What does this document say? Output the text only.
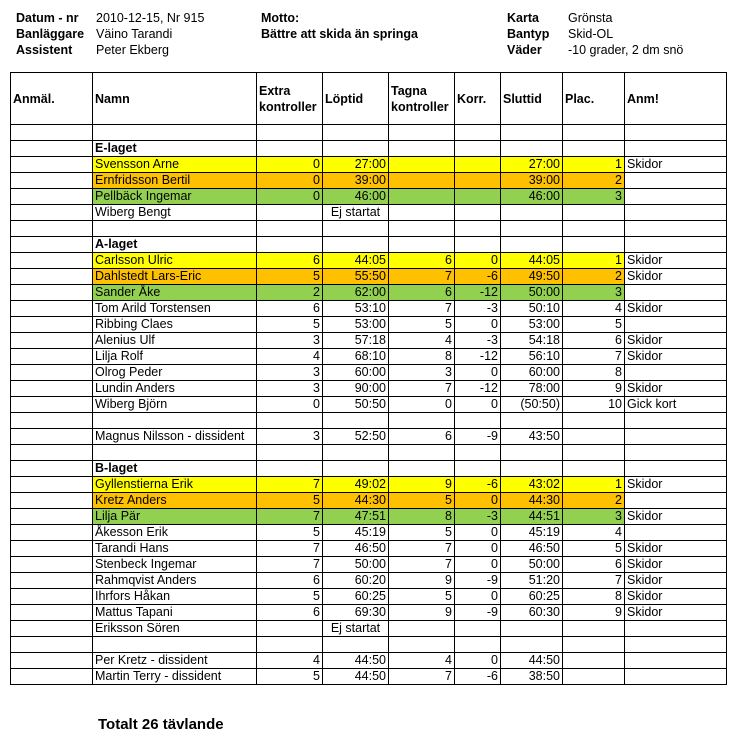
Datum - nr 2010-12-15, Nr 915
Banläggare Väino Tarandi
Assistent Peter Ekberg
Motto:
Bättre att skida än springa
Karta Grönsta
Bantyp Skid-OL
Väder -10 grader, 2 dm snö
Anmäl.	Namn	Extra kontroller	Löptid	Tagna kontroller	Korr.	Sluttid	Plac.	Anm!

	E-laget							
	Svensson Arne	0	27:00			27:00	1	Skidor
	Ernfridsson Bertil	0	39:00			39:00	2	
	Pellbäck Ingemar	0	46:00			46:00	3	
	Wiberg Bengt		Ej startat					

	A-laget							
	Carlsson Ulric	6	44:05	6	0	44:05	1	Skidor
	Dahlstedt Lars-Eric	5	55:50	7	-6	49:50	2	Skidor
	Sander Åke	2	62:00	6	-12	50:00	3	
	Tom Arild Torstensen	6	53:10	7	-3	50:10	4	Skidor
	Ribbing Claes	5	53:00	5	0	53:00	5	
	Alenius Ulf	3	57:18	4	-3	54:18	6	Skidor
	Lilja Rolf	4	68:10	8	-12	56:10	7	Skidor
	Olrog Peder	3	60:00	3	0	60:00	8	
	Lundin Anders	3	90:00	7	-12	78:00	9	Skidor
	Wiberg Björn	0	50:50	0	0	(50:50)	10	Gick kort

	Magnus Nilsson - dissident	3	52:50	6	-9	43:50		

	B-laget							
	Gyllenstierna Erik	7	49:02	9	-6	43:02	1	Skidor
	Kretz Anders	5	44:30	5	0	44:30	2	
	Lilja Pär	7	47:51	8	-3	44:51	3	Skidor
	Åkesson Erik	5	45:19	5	0	45:19	4	
	Tarandi Hans	7	46:50	7	0	46:50	5	Skidor
	Stenbeck Ingemar	7	50:00	7	0	50:00	6	Skidor
	Rahmqvist Anders	6	60:20	9	-9	51:20	7	Skidor
	Ihrfors Håkan	5	60:25	5	0	60:25	8	Skidor
	Mattus Tapani	6	69:30	9	-9	60:30	9	Skidor
	Eriksson Sören		Ej startat					

	Per Kretz - dissident	4	44:50	4	0	44:50		
	Martin Terry - dissident	5	44:50	7	-6	38:50		
Totalt 26 tävlande
